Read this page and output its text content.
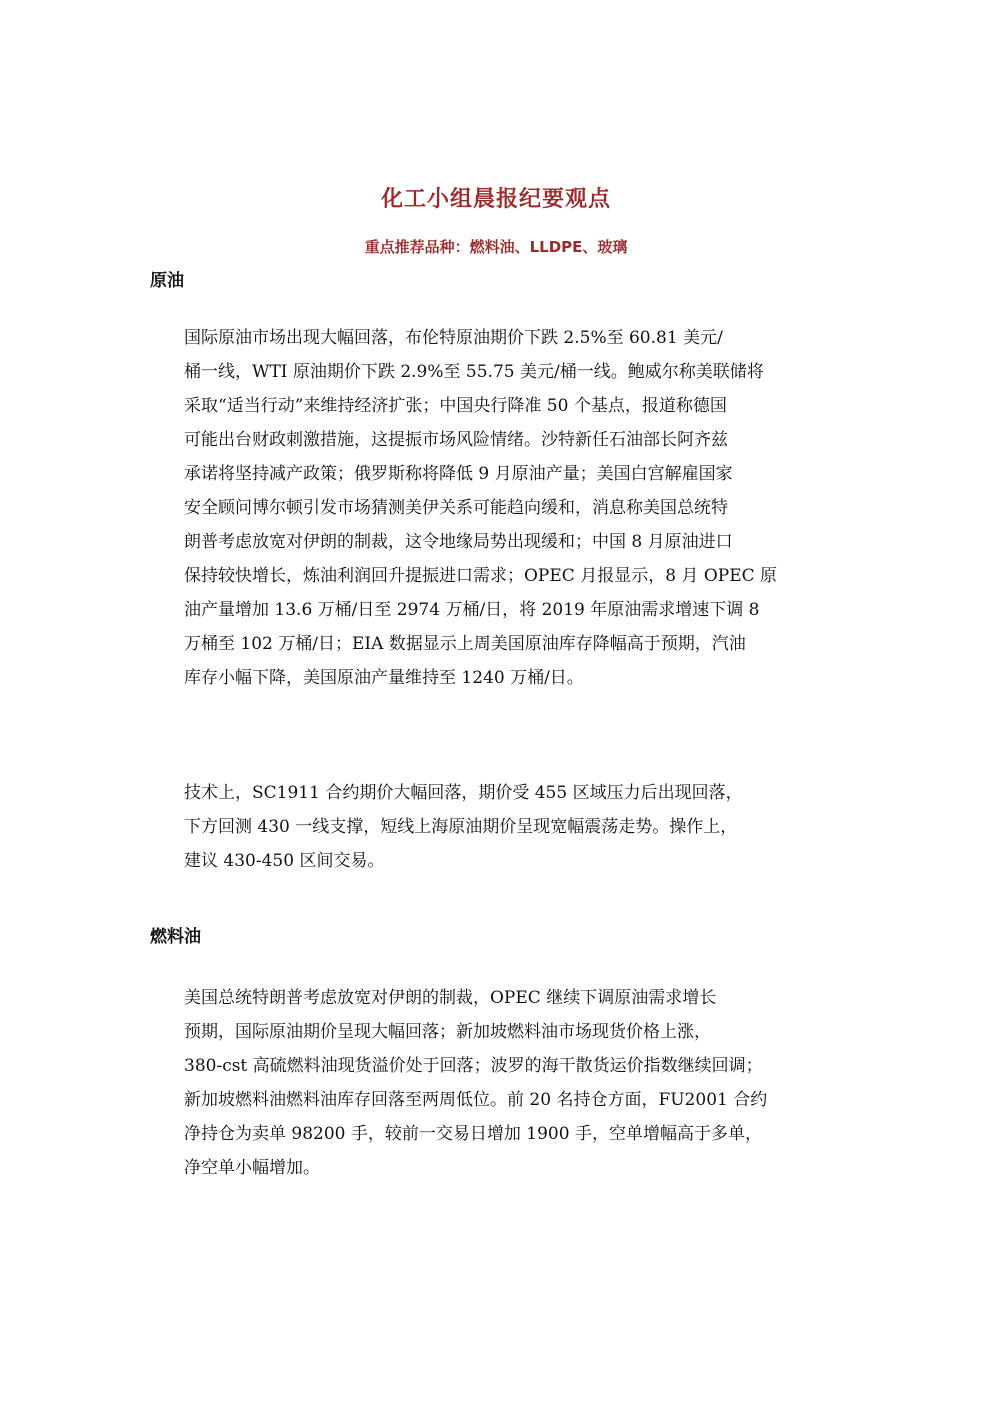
化工小组晨报纪要观点
重点推荐品种：燃料油、LLDPE、玻璃
原油
国际原油市场出现大幅回落，布伦特原油期价下跌 2.5%至 60.81 美元/
桶一线，WTI 原油期价下跌 2.9%至 55.75 美元/桶一线。鲍威尔称美联储将
采取“适当行动”来维持经济扩张；中国央行降准 50 个基点，报道称德国
可能出台财政刺激措施，这提振市场风险情绪。沙特新任石油部长阿齐兹
承诺将坚持减产政策；俄罗斯称将降低 9 月原油产量；美国白宫解雇国家
安全顾问博尔顿引发市场猜测美伊关系可能趋向缓和，消息称美国总统特
朗普考虑放宽对伊朗的制裁，这令地缘局势出现缓和；中国 8 月原油进口
保持较快增长，炼油利润回升提振进口需求；OPEC 月报显示，8 月 OPEC 原
油产量增加 13.6 万桶/日至 2974 万桶/日，将 2019 年原油需求增速下调 8
万桶至 102 万桶/日；EIA 数据显示上周美国原油库存降幅高于预期，汽油
库存小幅下降，美国原油产量维持至 1240 万桶/日。
技术上，SC1911 合约期价大幅回落，期价受 455 区域压力后出现回落，
下方回测 430 一线支撑，短线上海原油期价呈现宽幅震荡走势。操作上，
建议 430-450 区间交易。
燃料油
美国总统特朗普考虑放宽对伊朗的制裁，OPEC 继续下调原油需求增长
预期，国际原油期价呈现大幅回落；新加坡燃料油市场现货价格上涨，
380-cst 高硫燃料油现货溢价处于回落；波罗的海干散货运价指数继续回调；
新加坡燃料油燃料油库存回落至两周低位。前 20 名持仓方面，FU2001 合约
净持仓为卖单 98200 手，较前一交易日增加 1900 手，空单增幅高于多单，
净空单小幅增加。
